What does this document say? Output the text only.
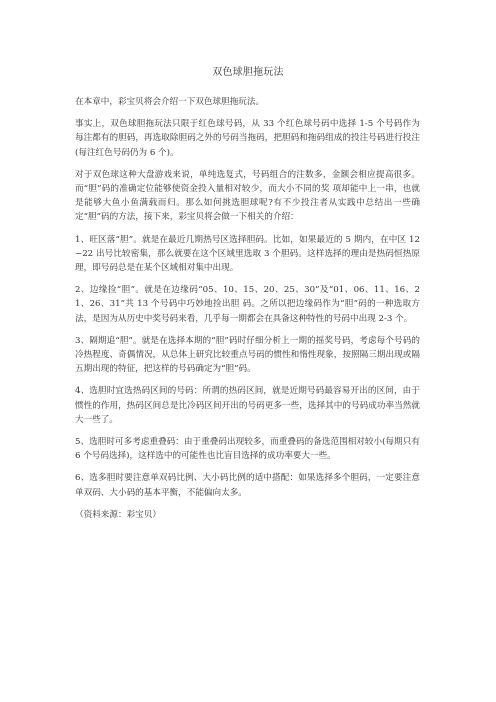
双色球胆拖玩法

在本章中，彩宝贝将会介绍一下双色球胆拖玩法。

事实上，双色球胆拖玩法只限于红色球号码，从 33 个红色球号码中选择 1-5 个号码作为每注都有的胆码，再选取除胆码之外的号码当拖码，把胆码和拖码组成的投注号码进行投注(每注红色号码仍为 6 个)。

对于双色球这种大盘游戏来说，单纯选复式，号码组合的注数多，金额会相应提高很多。而“胆”码的准确定位能够使资金投入量相对较少，而大小不同的奖 项却能中上一串，也就是能够大鱼小鱼满载而归。那么如何挑选胆球呢?有不少投注者从实践中总结出一些确定“胆”码的方法，接下来，彩宝贝将会做一下相关的介绍：

1、旺区落“胆”。就是在最近几期热号区选择胆码。比如，如果最近的 5 期内，在中区 12~22 出号比较密集，那么就要在这个区域里选取 3 个胆码。这样选择的理由是热码恒热原理，即号码总是在某个区域相对集中出现。

2、边缘捡“胆”。就是在边缘码“05、10、15、20、25、30”及“01、06、11、16、21、26、31”共 13 个号码中巧妙地捡出胆 码。之所以把边缘码作为“胆”码的一种选取方法，是因为从历史中奖号码来看，几乎每一期都会在具备这种特性的号码中出现 2-3 个。

3、隔期追“胆”。就是在选择本期的“胆”码时仔细分析上一期的摇奖号码，考虑每个号码的冷热程度、奇偶情况，从总体上研究比较重点号码的惯性和惰性现象，按照隔三期出现或隔五期出现的特征，把这样的号码确定为“胆”码。

4、选胆时宜选热码区间的号码：所谓的热码区间，就是近期号码最容易开出的区间，由于惯性的作用，热码区间总是比冷码区间开出的号码更多一些，选择其中的号码成功率当然就大一些了。

5、选胆时可多考虑重叠码：由于重叠码出现较多，而重叠码的备选范围相对较小(每期只有 6 个号码选择)，这样选中的可能性也比盲目选择的成功率要大一些。

6、选多胆时要注意单双码比例、大小码比例的适中搭配：如果选择多个胆码，一定要注意单双码、大小码的基本平衡，不能偏向太多。

（资料来源：彩宝贝）
